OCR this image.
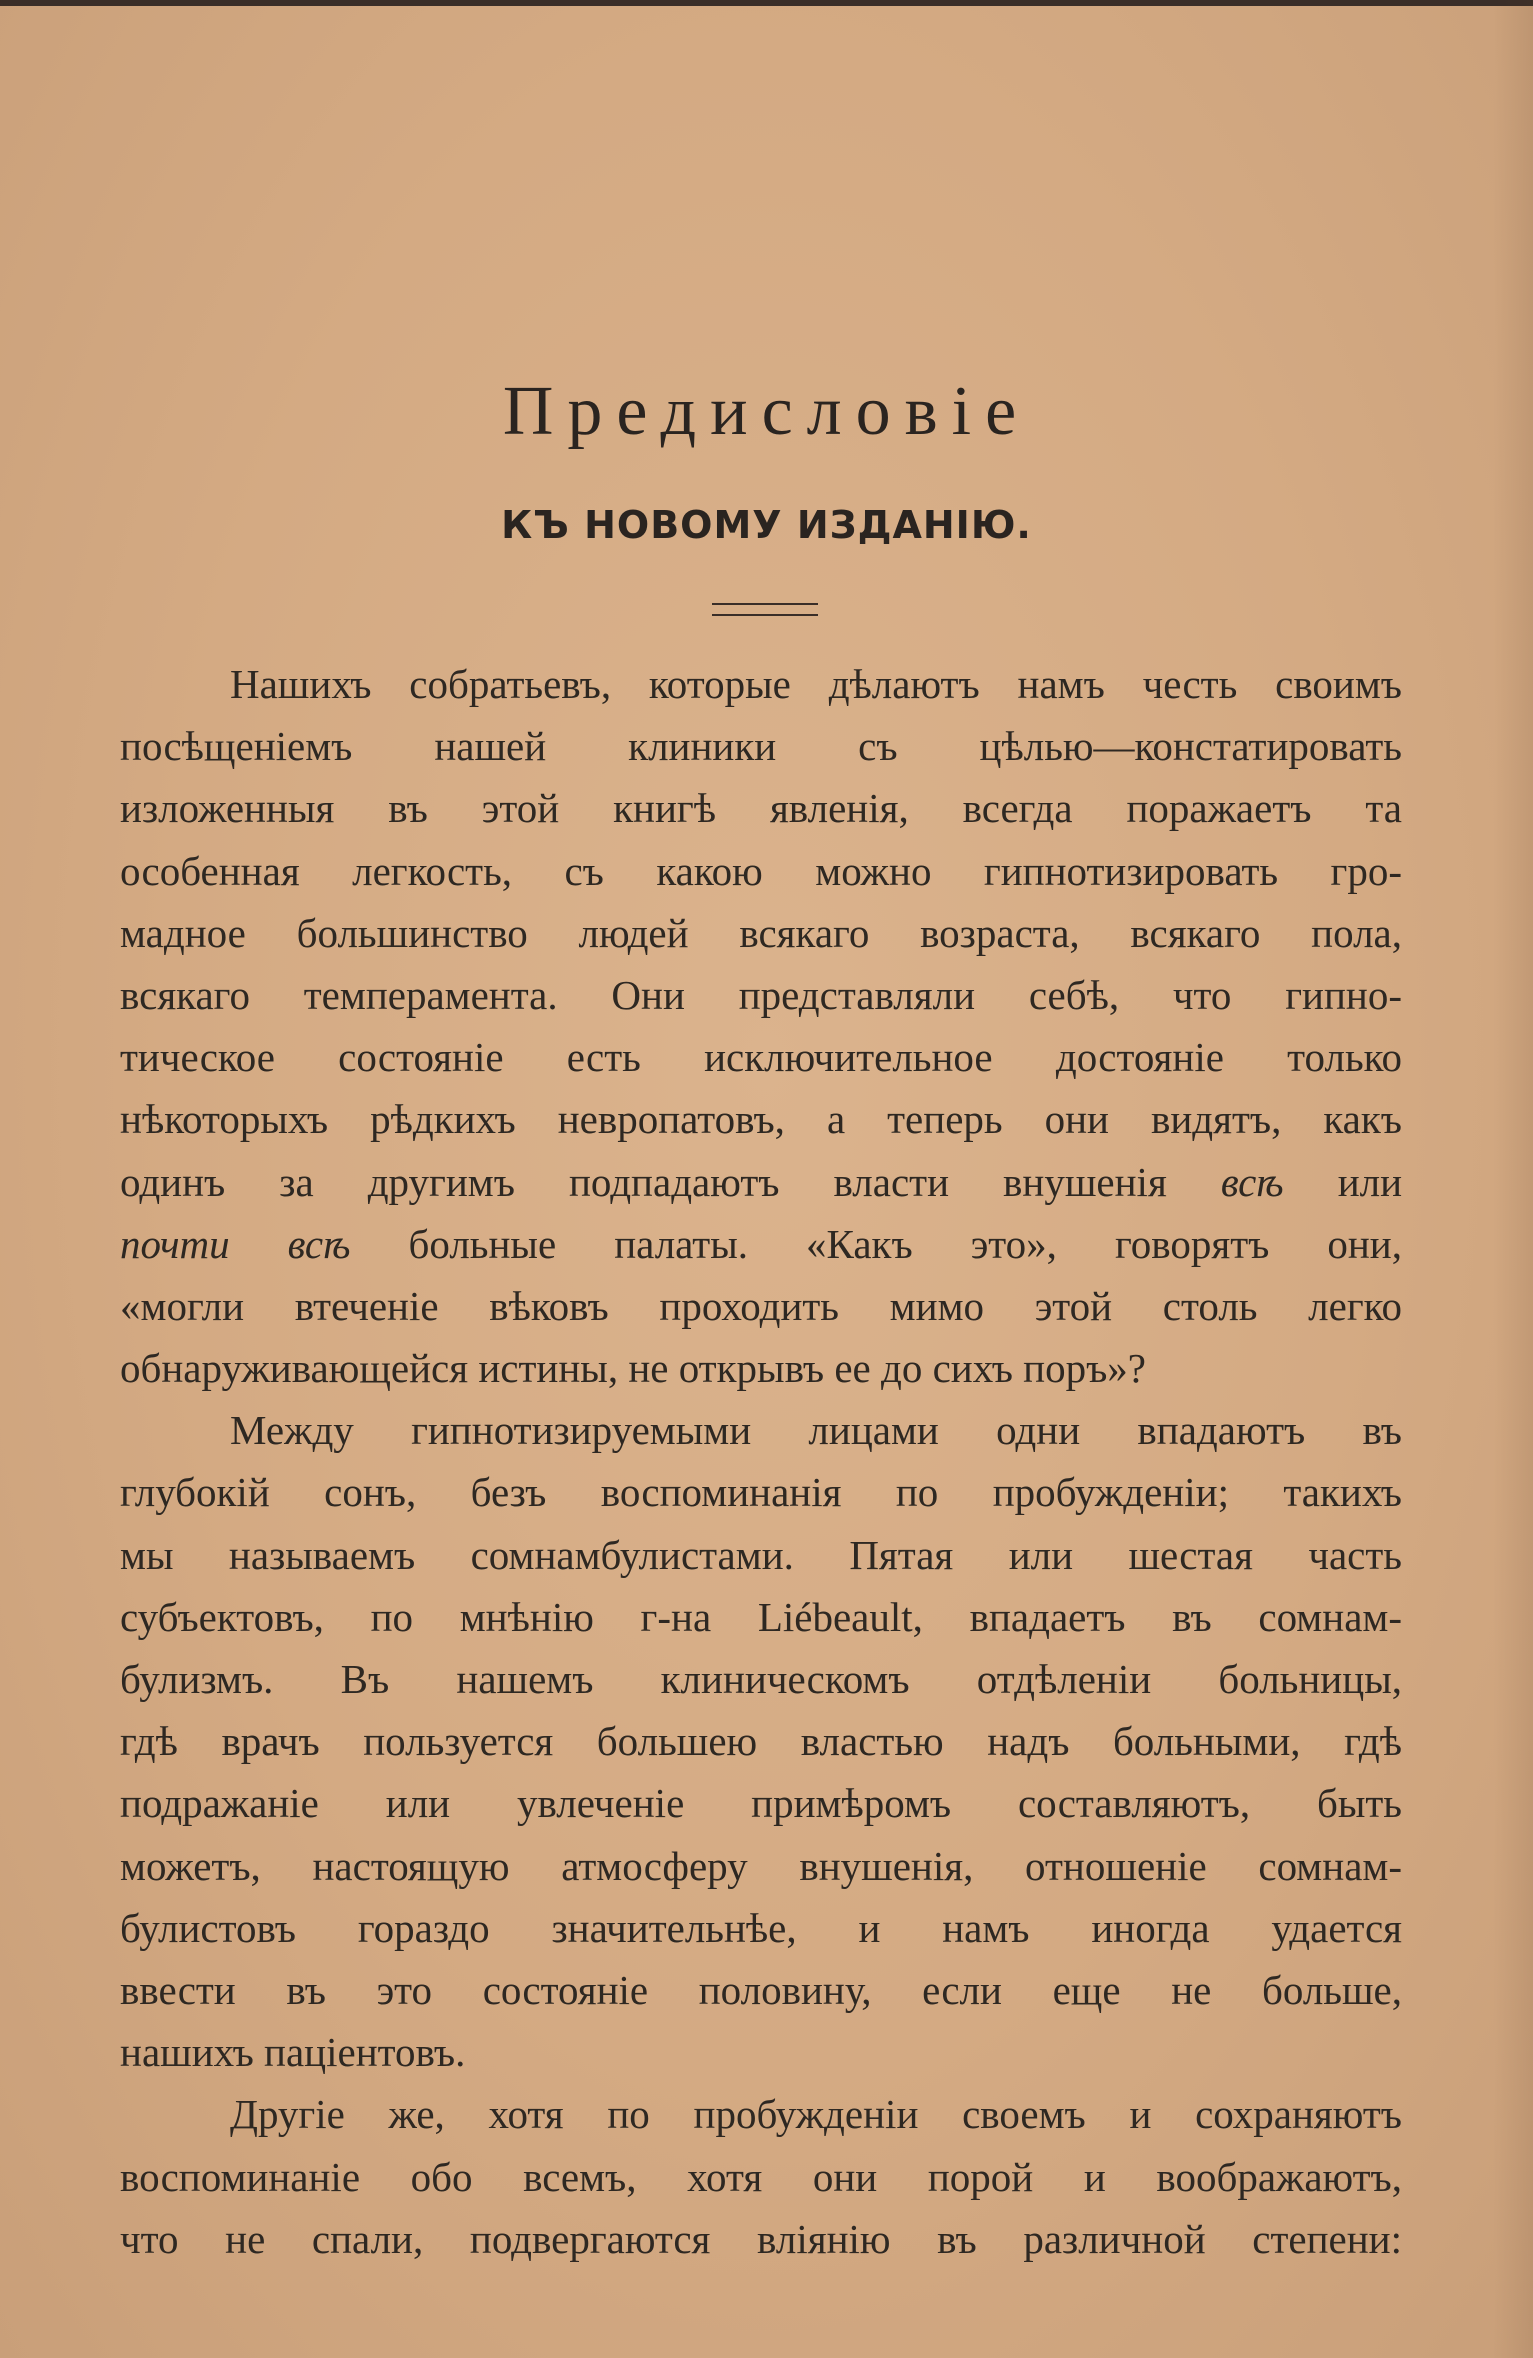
Предисловіе
КЪ НОВОМУ ИЗДАНІЮ.
Нашихъ собратьевъ, которые дѣлаютъ намъ честь своимъ
посѣщеніемъ нашей клиники съ цѣлью—констатировать
изложенныя въ этой книгѣ явленія, всегда поражаетъ та
особенная легкость, съ какою можно гипнотизировать гро-
мадное большинство людей всякаго возраста, всякаго пола,
всякаго темперамента. Они представляли себѣ, что гипно-
тическое состояніе есть исключительное достояніе только
нѣкоторыхъ рѣдкихъ невропатовъ, а теперь они видятъ, какъ
одинъ за другимъ подпадаютъ власти внушенія всѣ или
почти всѣ больные палаты. «Какъ это», говорятъ они,
«могли втеченіе вѣковъ проходить мимо этой столь легко
обнаруживающейся истины, не открывъ ее до сихъ поръ»?
Между гипнотизируемыми лицами одни впадаютъ въ
глубокій сонъ, безъ воспоминанія по пробужденіи; такихъ
мы называемъ сомнамбулистами. Пятая или шестая часть
субъектовъ, по мнѣнію г-на Liébeault, впадаетъ въ сомнам-
булизмъ. Въ нашемъ клиническомъ отдѣленіи больницы,
гдѣ врачъ пользуется большею властью надъ больными, гдѣ
подражаніе или увлеченіе примѣромъ составляютъ, быть
можетъ, настоящую атмосферу внушенія, отношеніе сомнам-
булистовъ гораздо значительнѣе, и намъ иногда удается
ввести въ это состояніе половину, если еще не больше,
нашихъ паціентовъ.
Другіе же, хотя по пробужденіи своемъ и сохраняютъ
воспоминаніе обо всемъ, хотя они порой и воображаютъ,
что не спали, подвергаются вліянію въ различной степени:
